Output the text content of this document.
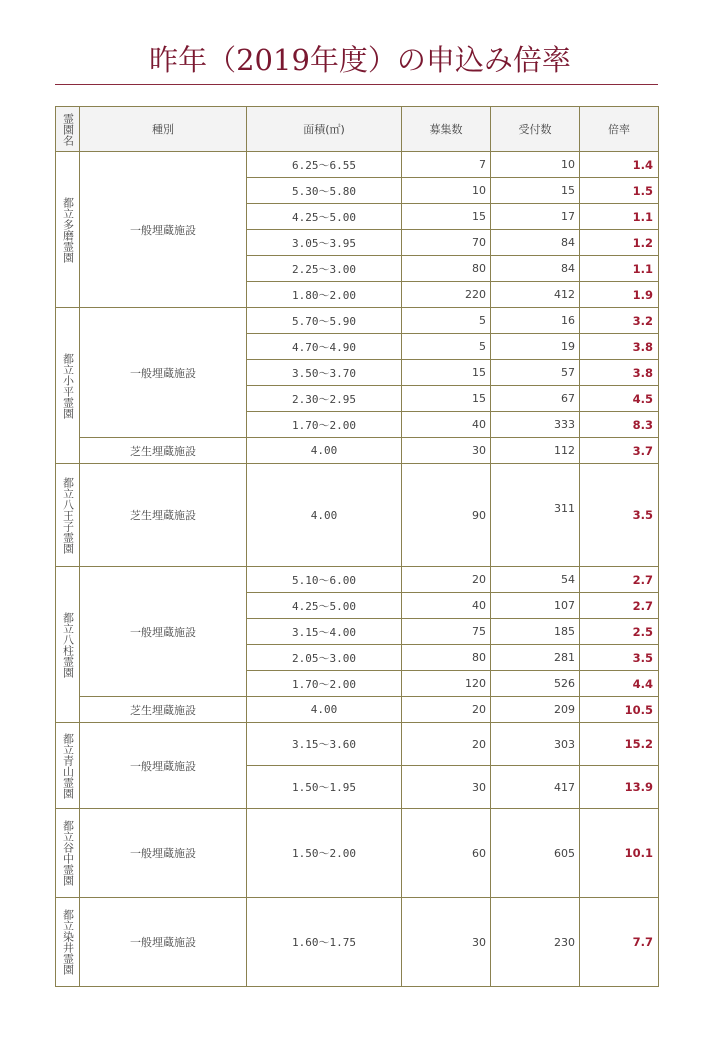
昨年（2019年度）の申込み倍率
霊園名	種別	面積(㎡)	募集数	受付数	倍率
都立多磨霊園	一般埋蔵施設	6.25～6.55	7	10	1.4
		5.30～5.80	10	15	1.5
		4.25～5.00	15	17	1.1
		3.05～3.95	70	84	1.2
		2.25～3.00	80	84	1.1
		1.80～2.00	220	412	1.9
都立小平霊園	一般埋蔵施設	5.70～5.90	5	16	3.2
		4.70～4.90	5	19	3.8
		3.50～3.70	15	57	3.8
		2.30～2.95	15	67	4.5
		1.70～2.00	40	333	8.3
	芝生埋蔵施設	4.00	30	112	3.7
都立八王子霊園	芝生埋蔵施設	4.00	90	311	3.5
都立八柱霊園	一般埋蔵施設	5.10～6.00	20	54	2.7
		4.25～5.00	40	107	2.7
		3.15～4.00	75	185	2.5
		2.05～3.00	80	281	3.5
		1.70～2.00	120	526	4.4
	芝生埋蔵施設	4.00	20	209	10.5
都立青山霊園	一般埋蔵施設	3.15～3.60	20	303	15.2
		1.50～1.95	30	417	13.9
都立谷中霊園	一般埋蔵施設	1.50～2.00	60	605	10.1
都立染井霊園	一般埋蔵施設	1.60～1.75	30	230	7.7
